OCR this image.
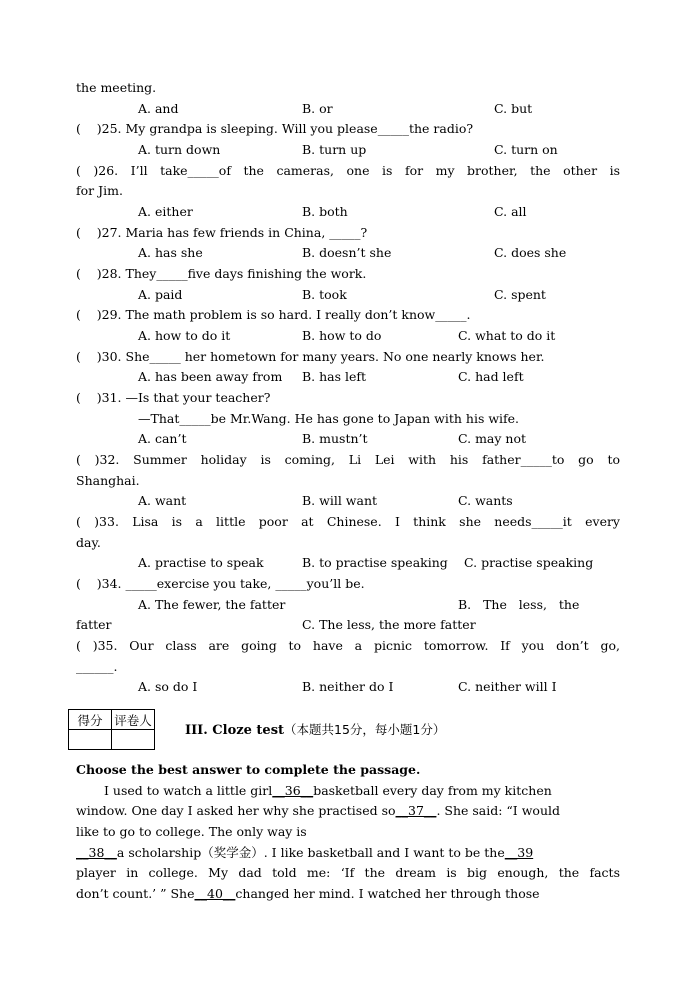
the meeting.
A. and	B. or	C. but
(    )25. My grandpa is sleeping. Will you please_____the radio?
A. turn down	B. turn up	C. turn on
( )26. I’ll take_____of the cameras, one is for my brother, the other is
for Jim.
A. either	B. both	C. all
(    )27. Maria has few friends in China, _____?
A. has she	B. doesn’t she	C. does she
(    )28. They_____five days finishing the work.
A. paid	B. took	C. spent
(    )29. The math problem is so hard. I really don’t know_____.
A. how to do it	B. how to do	C. what to do it
(    )30. She_____ her hometown for many years. No one nearly knows her.
A. has been away from B. has left	C. had left
(    )31. —Is that your teacher?
—That_____be Mr.Wang. He has gone to Japan with his wife.
A. can’t	B. mustn’t	C. may not
( )32. Summer holiday is coming, Li Lei with his father_____to go to
Shanghai.
A. want	B. will want	C. wants
( )33. Lisa is a little poor at Chinese. I think she needs_____it every
day.
A. practise to speak	B. to practise speaking C. practise speaking
(    )34. _____exercise you take, _____you’ll be.
A. The fewer, the fatter	B.   The   less,   the
fatter	C. The less, the more fatter
( )35. Our class are going to have a picnic tomorrow. If you don’t go,
______.
A. so do I	B. neither do I	C. neither will I
得分	评卷人

III. Cloze test（本题共15分，每小题1分）
Choose the best answer to complete the passage.
I used to watch a little girl__36__basketball every day from my kitchen
window. One day I asked her why she practised so__37__. She said: “I would
like to go to college. The only way is
__38__a scholarship（奖学金）. I like basketball and I want to be the__39
player in college. My dad told me: ‘If the dream is big enough, the facts
don’t count.’ ” She__40__changed her mind. I watched her through those
